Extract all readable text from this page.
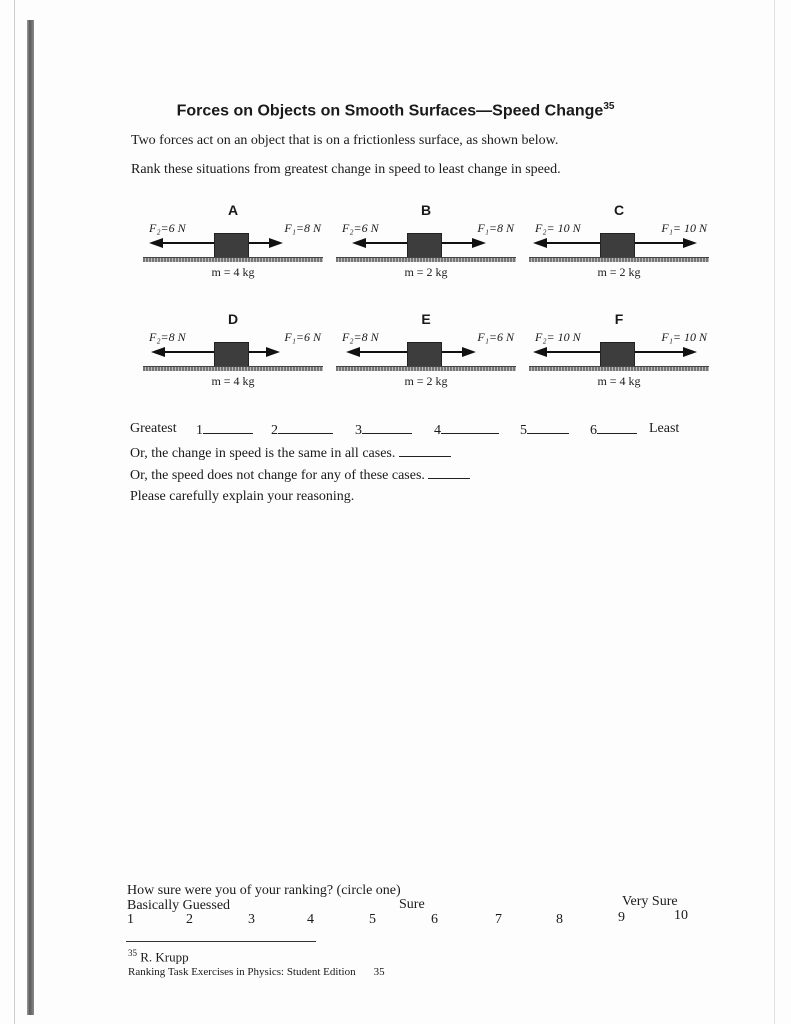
Forces on Objects on Smooth Surfaces—Speed Change$^{35}$
Two forces act on an object that is on a frictionless surface, as shown below.
Rank these situations from greatest change in speed to least change in speed.
A
F₂=6 N	F₁=8 N
m = 4 kg
B
F₂=6 N	F₁=8 N
m = 2 kg
C
F₂= 10 N	F₁= 10 N
m = 2 kg
D
F₂=8 N	F₁=6 N
m = 4 kg
E
F₂=8 N	F₁=6 N
m = 2 kg
F
F₂= 10 N	F₁= 10 N
m = 4 kg
Greatest 1	2	3	4	5	6	Least
Or, the change in speed is the same in all cases.
Or, the speed does not change for any of these cases.
Please carefully explain your reasoning.
How sure were you of your ranking? (circle one)
Basically Guessed	Sure	Very Sure
1	2	3	4	5	6	7	8	9	10
$^{35}$ R. Krupp
Ranking Task Exercises in Physics: Student Edition 35
